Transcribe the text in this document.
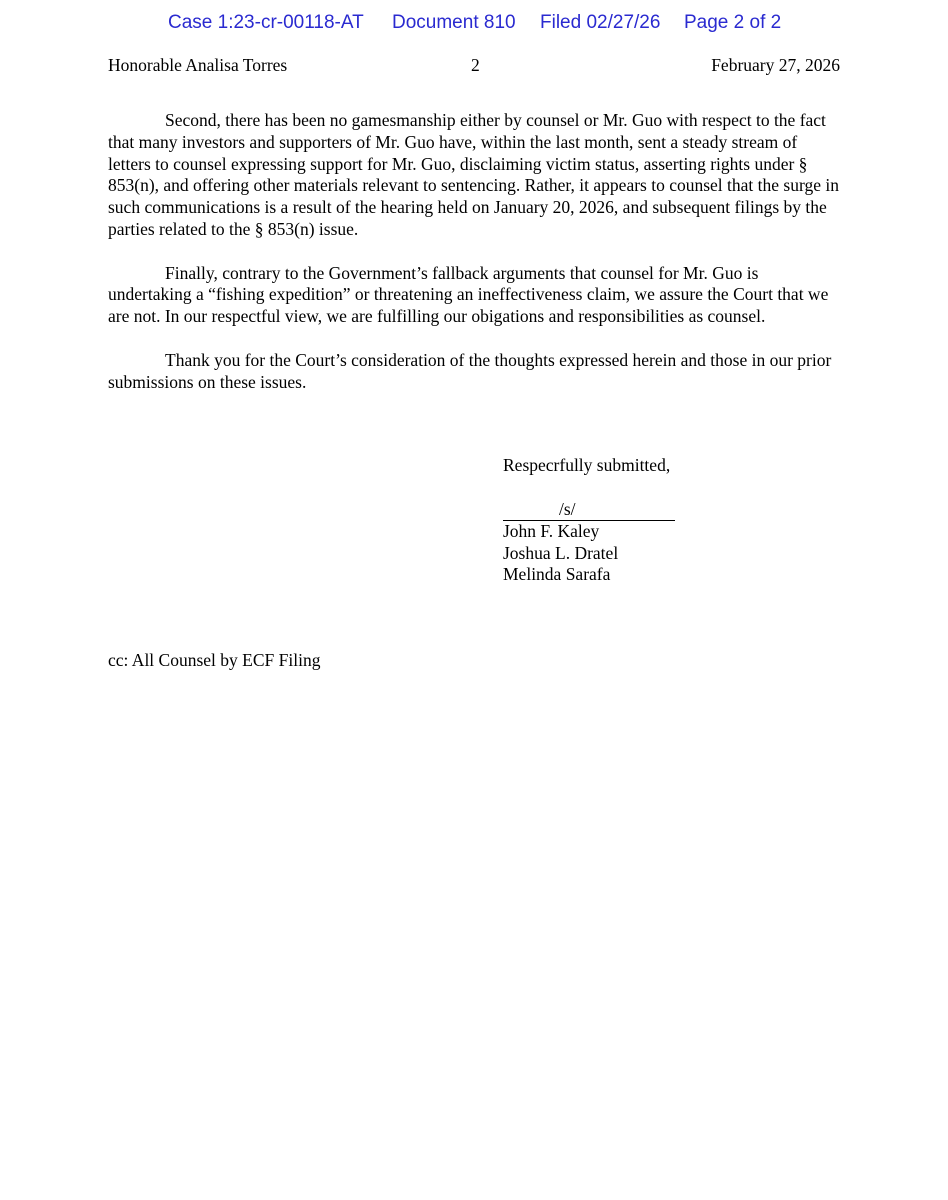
Case 1:23-cr-00118-AT Document 810 Filed 02/27/26 Page 2 of 2
Honorable Analisa Torres	2	February 27, 2026

Second, there has been no gamesmanship either by counsel or Mr. Guo with respect to the fact that many investors and supporters of Mr. Guo have, within the last month, sent a steady stream of letters to counsel expressing support for Mr. Guo, disclaiming victim status, asserting rights under § 853(n), and offering other materials relevant to sentencing. Rather, it appears to counsel that the surge in such communications is a result of the hearing held on January 20, 2026, and subsequent filings by the parties related to the § 853(n) issue.

Finally, contrary to the Government’s fallback arguments that counsel for Mr. Guo is undertaking a “fishing expedition” or threatening an ineffectiveness claim, we assure the Court that we are not. In our respectful view, we are fulfilling our obigations and responsibilities as counsel.

Thank you for the Court’s consideration of the thoughts expressed herein and those in our prior submissions on these issues.

Respecrfully submitted,

/s/

John F. Kaley

Joshua L. Dratel

Melinda Sarafa

cc: All Counsel by ECF Filing
